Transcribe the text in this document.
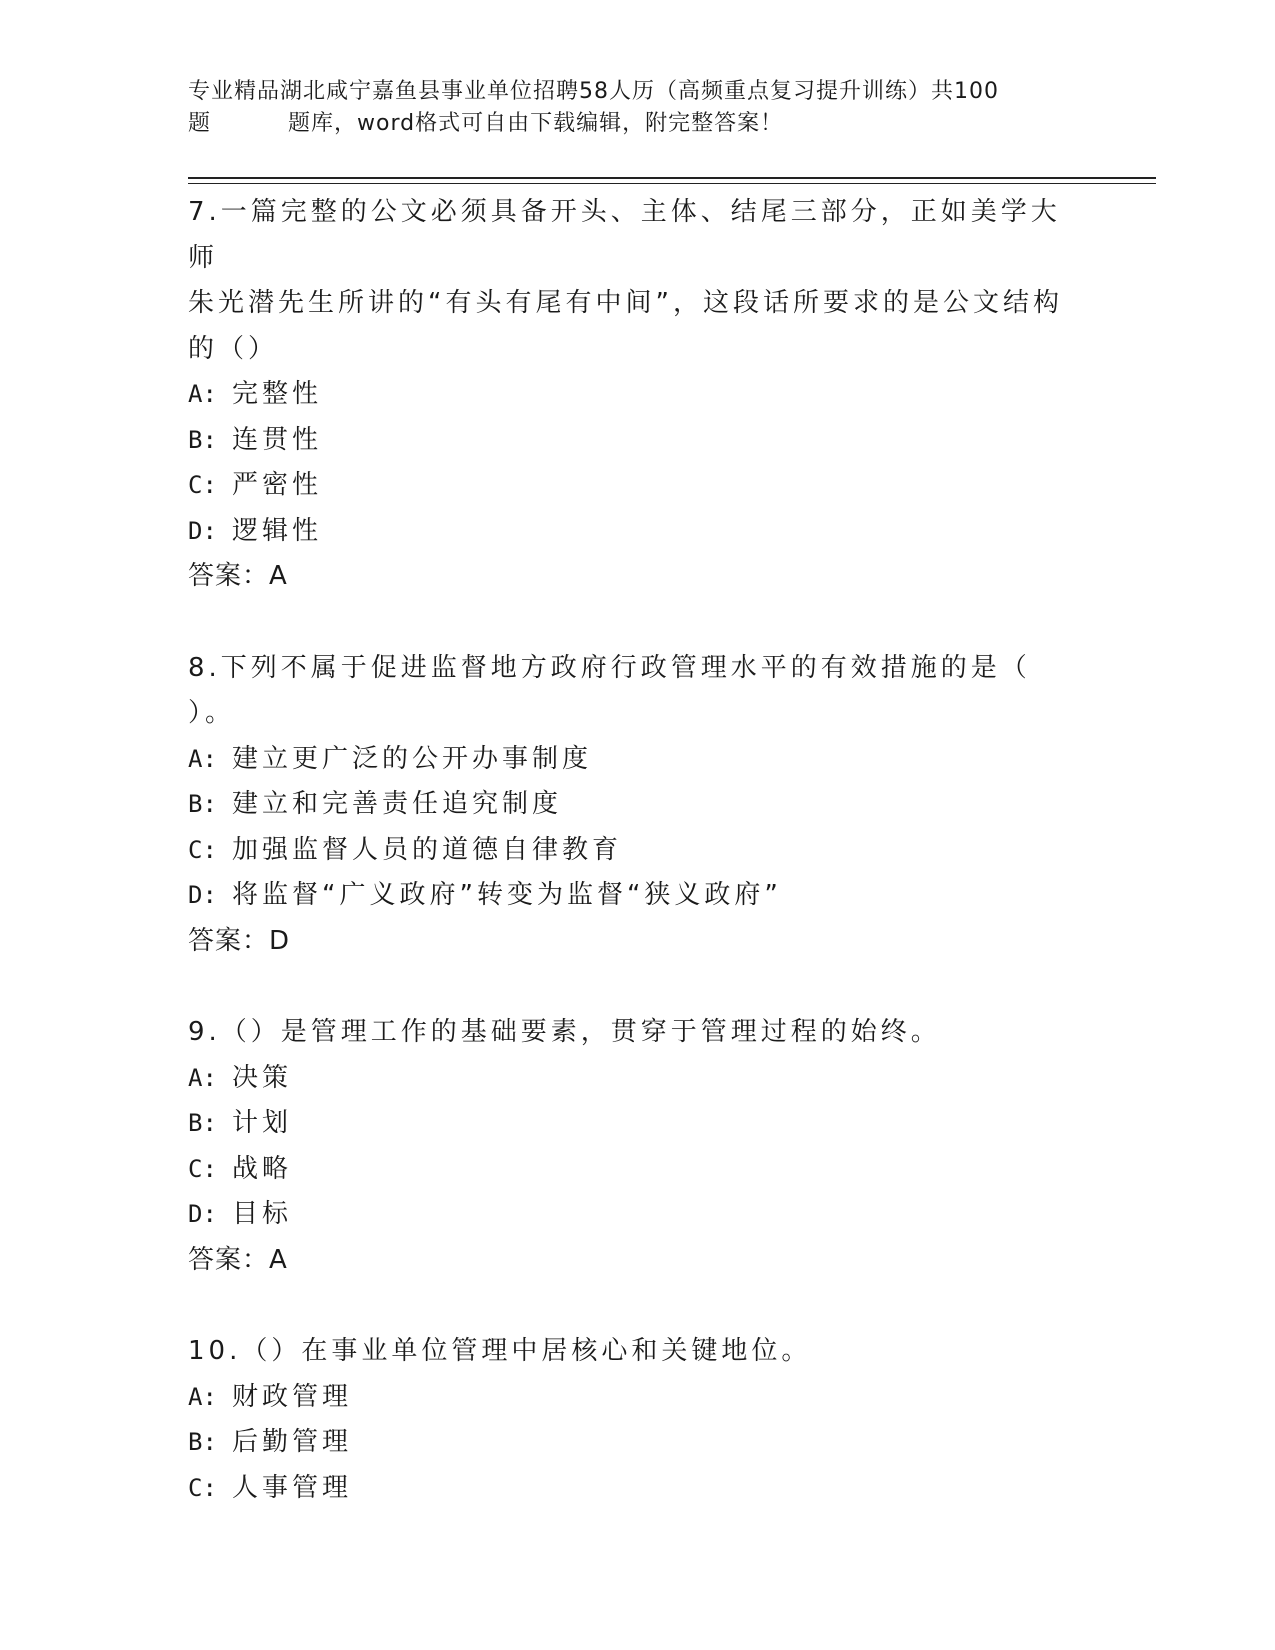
专业精品湖北咸宁嘉鱼县事业单位招聘58人历（高频重点复习提升训练）共100
题	题库，word格式可自由下载编辑，附完整答案！

7.一篇完整的公文必须具备开头、主体、结尾三部分，正如美学大师

朱光潜先生所讲的“有头有尾有中间”，这段话所要求的是公文结构

的（）

A: 完整性

B: 连贯性

C: 严密性

D: 逻辑性

答案：A

8.下列不属于促进监督地方政府行政管理水平的有效措施的是（

）。

A: 建立更广泛的公开办事制度

B: 建立和完善责任追究制度

C: 加强监督人员的道德自律教育

D: 将监督“广义政府”转变为监督“狭义政府”

答案：D

9.（）是管理工作的基础要素，贯穿于管理过程的始终。

A: 决策

B: 计划

C: 战略

D: 目标

答案：A

10.（）在事业单位管理中居核心和关键地位。

A: 财政管理

B: 后勤管理

C: 人事管理
